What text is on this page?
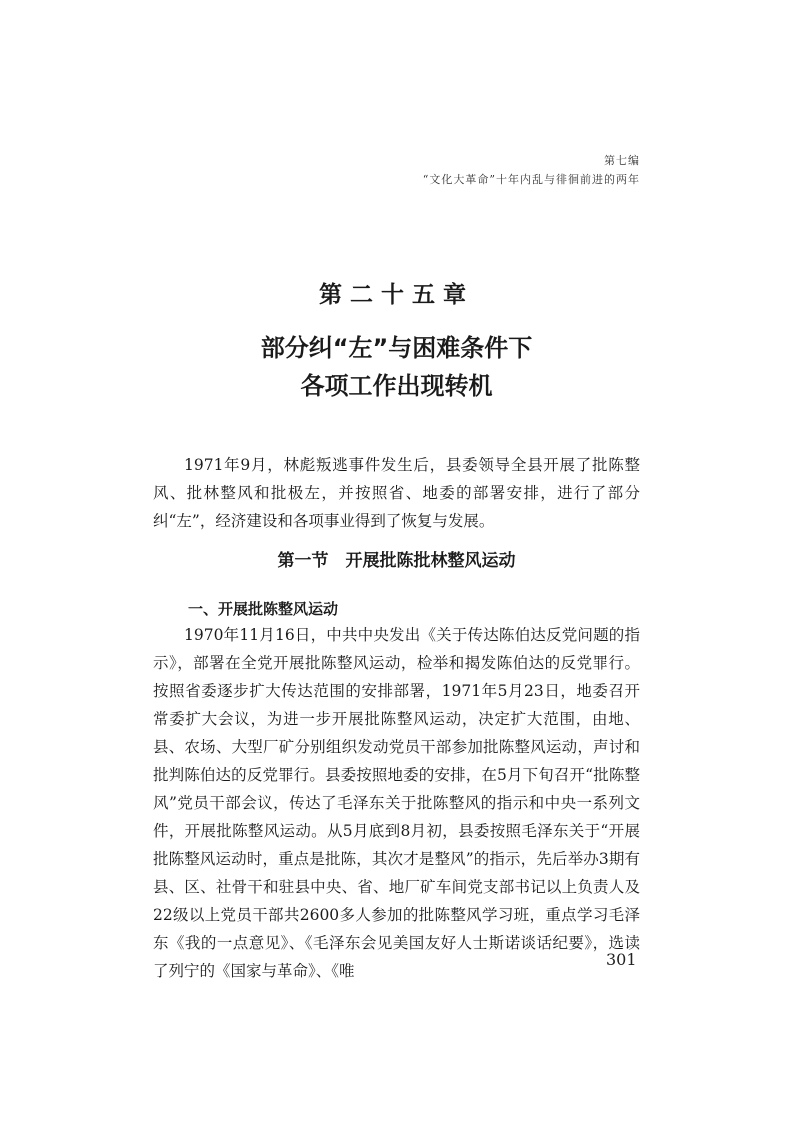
第七编
“文化大革命”十年内乱与徘徊前进的两年
第二十五章
部分纠“左”与困难条件下
各项工作出现转机

1971年9月，林彪叛逃事件发生后，县委领导全县开展了批陈整风、批林整风和批极左，并按照省、地委的部署安排，进行了部分纠“左”，经济建设和各项事业得到了恢复与发展。

第一节　开展批陈批林整风运动
一、开展批陈整风运动

1970年11月16日，中共中央发出《关于传达陈伯达反党问题的指示》，部署在全党开展批陈整风运动，检举和揭发陈伯达的反党罪行。按照省委逐步扩大传达范围的安排部署，1971年5月23日，地委召开常委扩大会议，为进一步开展批陈整风运动，决定扩大范围，由地、县、农场、大型厂矿分别组织发动党员干部参加批陈整风运动，声讨和批判陈伯达的反党罪行。县委按照地委的安排，在5月下旬召开“批陈整风”党员干部会议，传达了毛泽东关于批陈整风的指示和中央一系列文件，开展批陈整风运动。从5月底到8月初，县委按照毛泽东关于“开展批陈整风运动时，重点是批陈，其次才是整风”的指示，先后举办3期有县、区、社骨干和驻县中央、省、地厂矿车间党支部书记以上负责人及22级以上党员干部共2600多人参加的批陈整风学习班，重点学习毛泽东《我的一点意见》、《毛泽东会见美国友好人士斯诺谈话纪要》，选读了列宁的《国家与革命》、《唯

301
